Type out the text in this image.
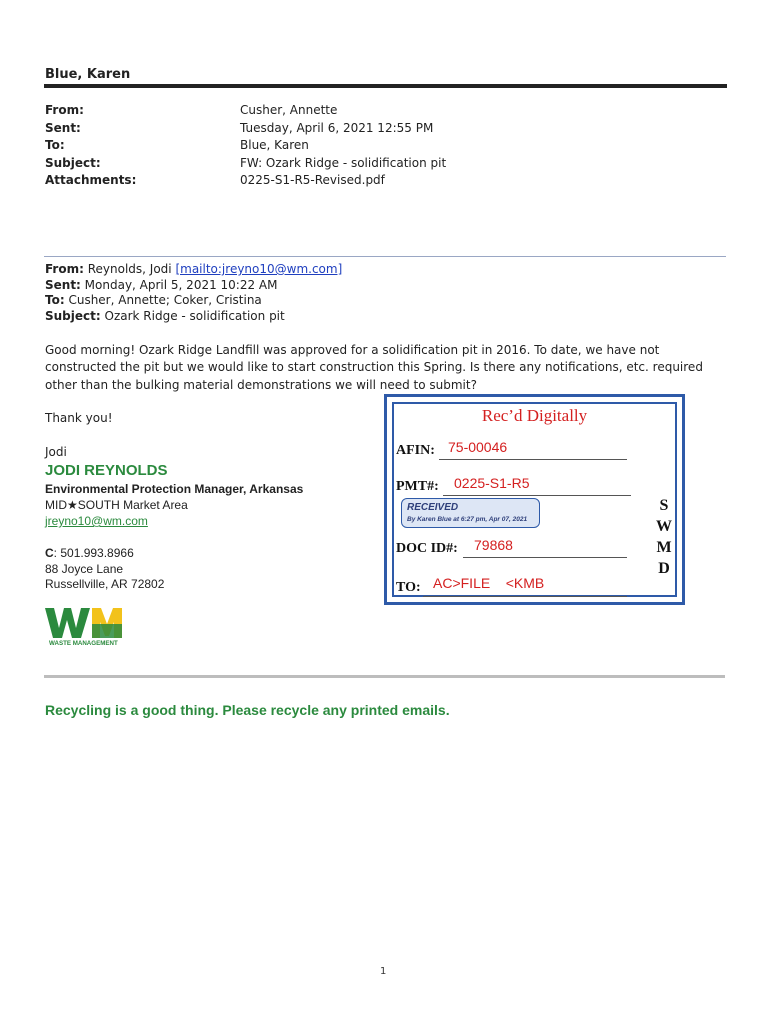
Blue, Karen
From:
Sent:
To:
Subject:
Attachments:
Cusher, Annette
Tuesday, April 6, 2021 12:55 PM
Blue, Karen
FW: Ozark Ridge - solidification pit
0225-S1-R5-Revised.pdf
From: Reynolds, Jodi [mailto:jreyno10@wm.com]
Sent: Monday, April 5, 2021 10:22 AM
To: Cusher, Annette; Coker, Cristina
Subject: Ozark Ridge - solidification pit
Good morning! Ozark Ridge Landfill was approved for a solidification pit in 2016. To date, we have not constructed the pit but we would like to start construction this Spring. Is there any notifications, etc. required other than the bulking material demonstrations we will need to submit?
Thank you!
Jodi
JODI REYNOLDS
Environmental Protection Manager, Arkansas
MID★SOUTH Market Area
jreyno10@wm.com
C: 501.993.8966
88 Joyce Lane
Russellville, AR 72802
WASTE MANAGEMENT
Recycling is a good thing. Please recycle any printed emails.
1
Rec’d Digitally
AFIN: 75-00046
PMT#: 0225-S1-R5
RECEIVED
By Karen Blue at 6:27 pm, Apr 07, 2021
DOC ID#: 79868
TO: AC>FILE    <KMB
S
W
M
D
